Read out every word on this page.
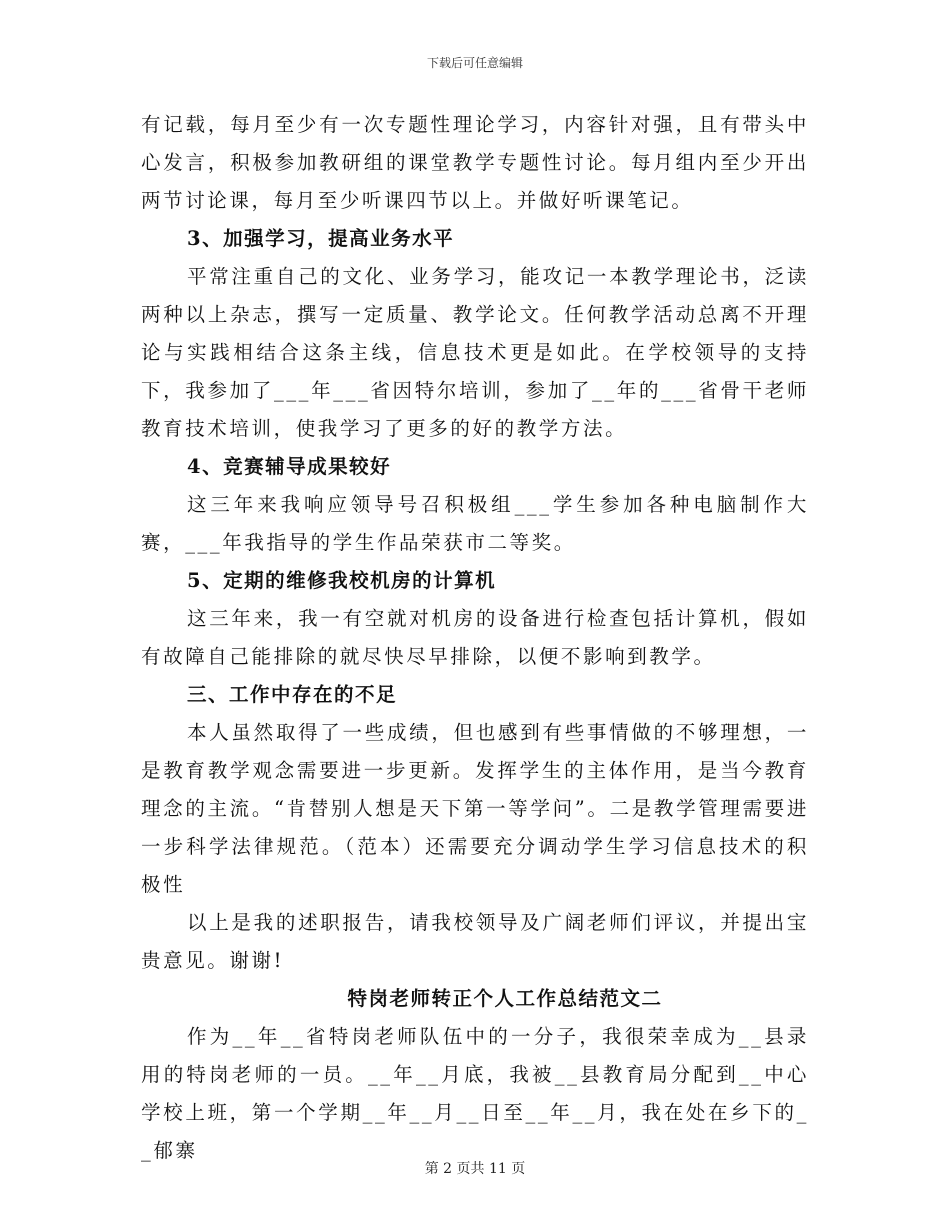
下载后可任意编辑

有记载，每月至少有一次专题性理论学习，内容针对强，且有带头中心发言，积极参加教研组的课堂教学专题性讨论。每月组内至少开出两节讨论课，每月至少听课四节以上。并做好听课笔记。

3、加强学习，提高业务水平

平常注重自己的文化、业务学习，能攻记一本教学理论书，泛读两种以上杂志，撰写一定质量、教学论文。任何教学活动总离不开理论与实践相结合这条主线，信息技术更是如此。在学校领导的支持下，我参加了___年___省因特尔培训，参加了__年的___省骨干老师教育技术培训，使我学习了更多的好的教学方法。

4、竞赛辅导成果较好

这三年来我响应领导号召积极组___学生参加各种电脑制作大赛，___年我指导的学生作品荣获市二等奖。

5、定期的维修我校机房的计算机

这三年来，我一有空就对机房的设备进行检查包括计算机，假如有故障自己能排除的就尽快尽早排除，以便不影响到教学。

三、工作中存在的不足

本人虽然取得了一些成绩，但也感到有些事情做的不够理想，一是教育教学观念需要进一步更新。发挥学生的主体作用，是当今教育理念的主流。“肯替别人想是天下第一等学问”。二是教学管理需要进一步科学法律规范。（范本）还需要充分调动学生学习信息技术的积极性

以上是我的述职报告，请我校领导及广阔老师们评议，并提出宝贵意见。谢谢!

特岗老师转正个人工作总结范文二

作为__年__省特岗老师队伍中的一分子，我很荣幸成为__县录用的特岗老师的一员。__年__月底，我被__县教育局分配到__中心学校上班，第一个学期__年__月__日至__年__月，我在处在乡下的__郁寨

第 2 页共 11 页
